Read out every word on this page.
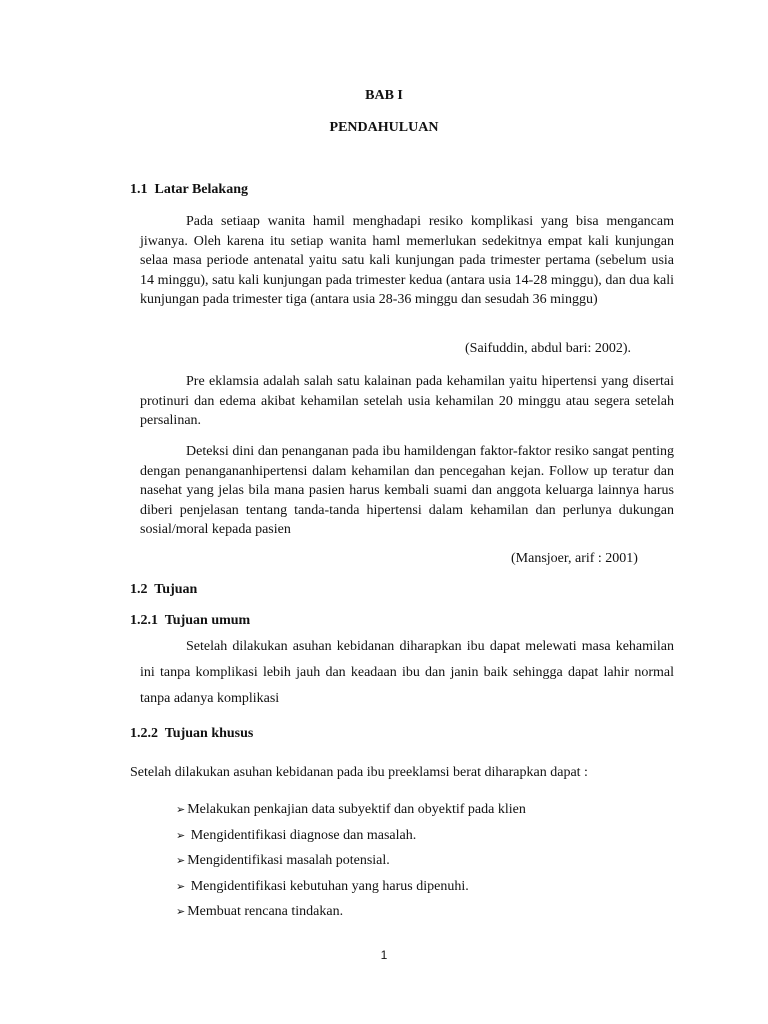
BAB I
PENDAHULUAN
1.1  Latar Belakang
Pada setiaap wanita hamil menghadapi resiko komplikasi yang bisa mengancam jiwanya. Oleh karena itu setiap wanita haml memerlukan sedekitnya empat kali kunjungan selaa masa periode antenatal yaitu satu kali kunjungan pada trimester pertama (sebelum usia 14 minggu), satu kali kunjungan pada trimester kedua (antara usia 14-28 minggu), dan dua kali kunjungan pada trimester tiga (antara usia 28-36 minggu dan sesudah 36 minggu)
(Saifuddin, abdul bari: 2002).
Pre eklamsia adalah salah satu kalainan pada kehamilan yaitu hipertensi yang disertai protinuri dan edema akibat kehamilan setelah usia kehamilan 20 minggu atau segera setelah persalinan.
Deteksi dini dan penanganan pada ibu hamildengan faktor-faktor resiko sangat penting dengan penangananhipertensi dalam kehamilan dan pencegahan kejan. Follow up teratur dan nasehat yang jelas bila mana pasien harus kembali suami dan anggota keluarga lainnya harus diberi penjelasan tentang tanda-tanda hipertensi dalam kehamilan dan perlunya dukungan sosial/moral kepada pasien
(Mansjoer, arif : 2001)
1.2  Tujuan
1.2.1  Tujuan umum
Setelah dilakukan asuhan kebidanan diharapkan ibu dapat melewati masa kehamilan ini tanpa komplikasi lebih jauh dan keadaan ibu dan janin baik sehingga dapat lahir normal tanpa adanya komplikasi
1.2.2  Tujuan khusus
Setelah dilakukan asuhan kebidanan pada ibu preeklamsi berat diharapkan dapat :
➢ Melakukan penkajian data subyektif dan obyektif pada klien
➢ Mengidentifikasi diagnose dan masalah.
➢ Mengidentifikasi masalah potensial.
➢ Mengidentifikasi kebutuhan yang harus dipenuhi.
➢ Membuat rencana tindakan.
1
